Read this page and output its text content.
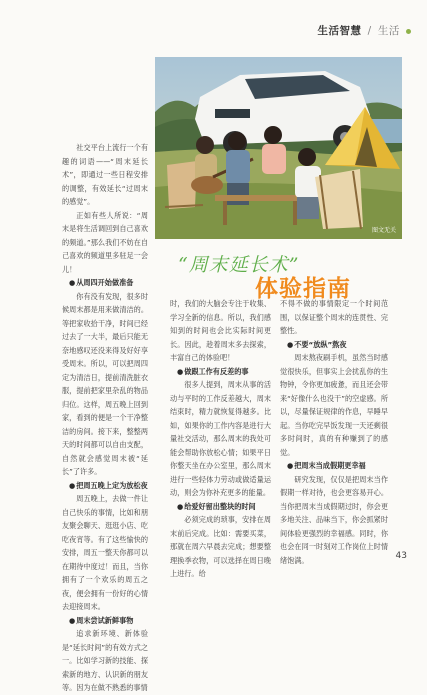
生活智慧 / 生活
图文无关
“周末延长术”
体验指南

社交平台上流行一个有趣的词语——“周末延长术”，即通过一些日程安排的调整，有效延长“过周末的感觉”。

正如有些人所说：“周末是将生活调回到自己喜欢的频道。”那么我们不妨在自己喜欢的频道里多驻足一会儿！

●从周四开始做准备

你有没有发现，很多时候周末都是用来做清洁的。等把家收拾干净，时间已经过去了一大半，最后只能无奈地感叹还没来得及好好享受周末。所以，可以把周四定为清洁日，提前清洗脏衣服，提前把家里杂乱的物品归位。这样，周五晚上回到家，看到的便是一个干净整洁的房间。接下来，整整两天的时间都可以自由支配，自然就会感觉周末被“延长”了许多。

●把周五晚上定为放松夜

周五晚上，去做一件让自己快乐的事情，比如和朋友聚会聊天、逛逛小店、吃吃夜宵等。有了这些愉快的安排，周五一整天你都可以在期待中度过！而且，当你拥有了一个欢乐的周五之夜，便会拥有一份好的心情去迎接周末。

●周末尝试新鲜事物

追求新环境、新体验是“延长时间”的有效方式之一。比如学习新的技能、探索新的地方、认识新的朋友等。因为在做不熟悉的事情

时，我们的大脑会专注于收集、学习全新的信息。所以，我们感知到的时间也会比实际时间更长。因此，趁着周末多去探索，丰富自己的体验吧！

●做跟工作有反差的事

很多人提到，周末从事的活动与平时的工作反差越大，周末结束时，精力就恢复得越多。比如，如果你的工作内容是进行大量社交活动，那么周末的我处可能会帮助你放松心情；如果平日你整天坐在办公室里，那么周末进行一些轻体力劳动或做适量运动，则会为你补充更多的能量。

●给爱好留出整块的时间

必须完成的琐事，安排在周末前后完成。比如：需要买菜，那就在周六早晨去完成；想要整理换季衣物，可以选择在周日晚上进行。给

不得不做的事情限定一个时间范围，以保证整个周末的连贯性、完整性。

●不要“放纵”熬夜

周末熬夜刷手机，虽然当时感觉很快乐，但事实上会扰乱你的生物钟，令你更加疲惫，而且还会带来“好像什么也没干”的空虚感。所以，尽量保证规律的作息，早睡早起。当你吃完早饭发现一天还剩很多时间时，真的有种赚到了的感觉。

●把周末当成假期更幸福

研究发现，仅仅是把周末当作假期一样对待，也会更容易开心。当你把周末当成假期过时，你会更多地关注、品味当下，你会抓紧时间体验更强烈的幸福感。同时，你也会在同一时刻对工作岗位上时情绪饱满。	43
